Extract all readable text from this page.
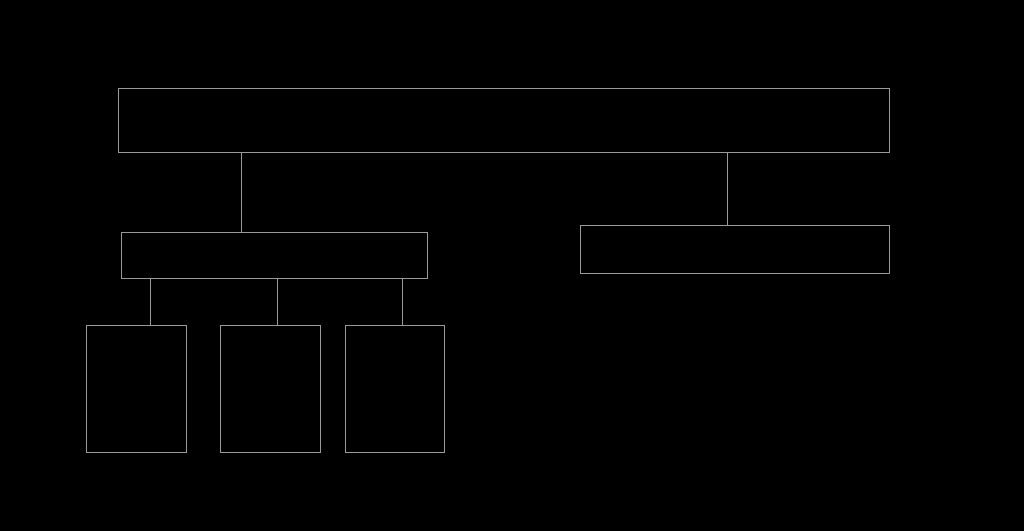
СТРУКТУРА
Комитета государственного заказа Вологодской области
(утверждена постановлением Правительства области от 28.10.2013 № 1091)
Комитет государственного заказа Вологодской области
Управление размещения государственных заказов	Управление стратегического развития
Отдел раз-
мещения
государ-
ственных за-
казов в про-
мышленной
сфере
Отдел раз-
мещения
государ-
ственных за-
казов в сфе-
ре здраво-
охранения
Отдел раз-
мещения
государ-
ственных за-
казов в со-
циальной
сфере
